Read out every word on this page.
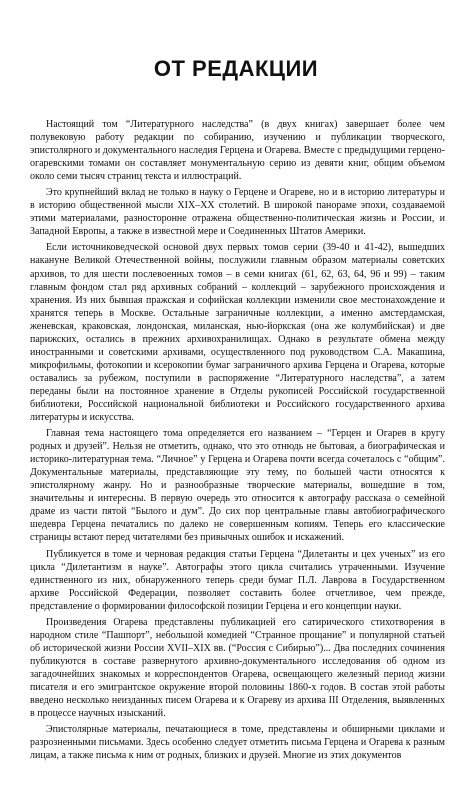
ОТ РЕДАКЦИИ

Настоящий том “Литературного наследства” (в двух книгах) завершает более чем полувековую работу редакции по собиранию, изучению и публикации творческого, эпистолярного и документального наследия Герцена и Огарева. Вместе с предыдущими герцено-огаревскими томами он составляет монументальную серию из девяти книг, общим объемом около семи тысяч страниц текста и иллюстраций.

Это крупнейший вклад не только в науку о Герцене и Огареве, но и в историю литературы и в историю общественной мысли XIX–XX столетий. В широкой панораме эпохи, создаваемой этими материалами, разносторонне отражена общественно-политическая жизнь и России, и Западной Европы, а также в известной мере и Соединенных Штатов Америки.

Если источниковедческой основой двух первых томов серии (39-40 и 41-42), вышедших накануне Великой Отечественной войны, послужили главным образом материалы советских архивов, то для шести послевоенных томов – в семи книгах (61, 62, 63, 64, 96 и 99) – таким главным фондом стал ряд архивных собраний – коллекций – зарубежного происхождения и хранения. Из них бывшая пражская и софийская коллекции изменили свое местонахождение и хранятся теперь в Москве. Остальные заграничные коллекции, а именно амстердамская, женевская, краковская, лондонская, миланская, нью-йоркская (она же колумбийская) и две парижских, остались в прежних архивохранилищах. Однако в результате обмена между иностранными и советскими архивами, осуществленного под руководством С.А. Макашина, микрофильмы, фотокопии и ксерокопии бумаг заграничного архива Герцена и Огарева, которые оставались за рубежом, поступили в распоряжение “Литературного наследства”, а затем переданы были на постоянное хранение в Отделы рукописей Российской государственной библиотеки, Российской национальной библиотеки и Российского государственного архива литературы и искусства.

Главная тема настоящего тома определяется его названием – “Герцен и Огарев в кругу родных и друзей”. Нельзя не отметить, однако, что это отнюдь не бытовая, а биографическая и историко-литературная тема. “Личное” у Герцена и Огарева почти всегда сочеталось с “общим”. Документальные материалы, представляющие эту тему, по большей части относятся к эпистолярному жанру. Но и разнообразные творческие материалы, вошедшие в том, значительны и интересны. В первую очередь это относится к автографу рассказа о семейной драме из части пятой “Былого и дум”. До сих пор центральные главы автобиографического шедевра Герцена печатались по далеко не совершенным копиям. Теперь его классические страницы встают перед читателями без привычных ошибок и искажений.

Публикуется в томе и черновая редакция статьи Герцена “Дилетанты и цех ученых” из его цикла “Дилетантизм в науке”. Автографы этого цикла считались утраченными. Изучение единственного из них, обнаруженного теперь среди бумаг П.Л. Лаврова в Государственном архиве Российской Федерации, позволяет составить более отчетливое, чем прежде, представление о формировании философской позиции Герцена и его концепции науки.

Произведения Огарева представлены публикацией его сатирического стихотворения в народном стиле “Пашпорт”, небольшой комедией “Странное прощание” и популярной статьей об исторической жизни России XVII–XIX вв. (“Россия с Сибирью”)... Два последних сочинения публикуются в составе развернутого архивно-документального исследования об одном из загадочнейших знакомых и корреспондентов Огарева, освещающего железный период жизни писателя и его эмигрантское окружение второй половины 1860-х годов. В состав этой работы введено несколько неизданных писем Огарева и к Огареву из архива III Отделения, выявленных в процессе научных изысканий.

Эпистолярные материалы, печатающиеся в томе, представлены и обширными циклами и разрозненными письмами. Здесь особенно следует отметить письма Герцена и Огарева к разным лицам, а также письма к ним от родных, близких и друзей. Многие из этих документов
